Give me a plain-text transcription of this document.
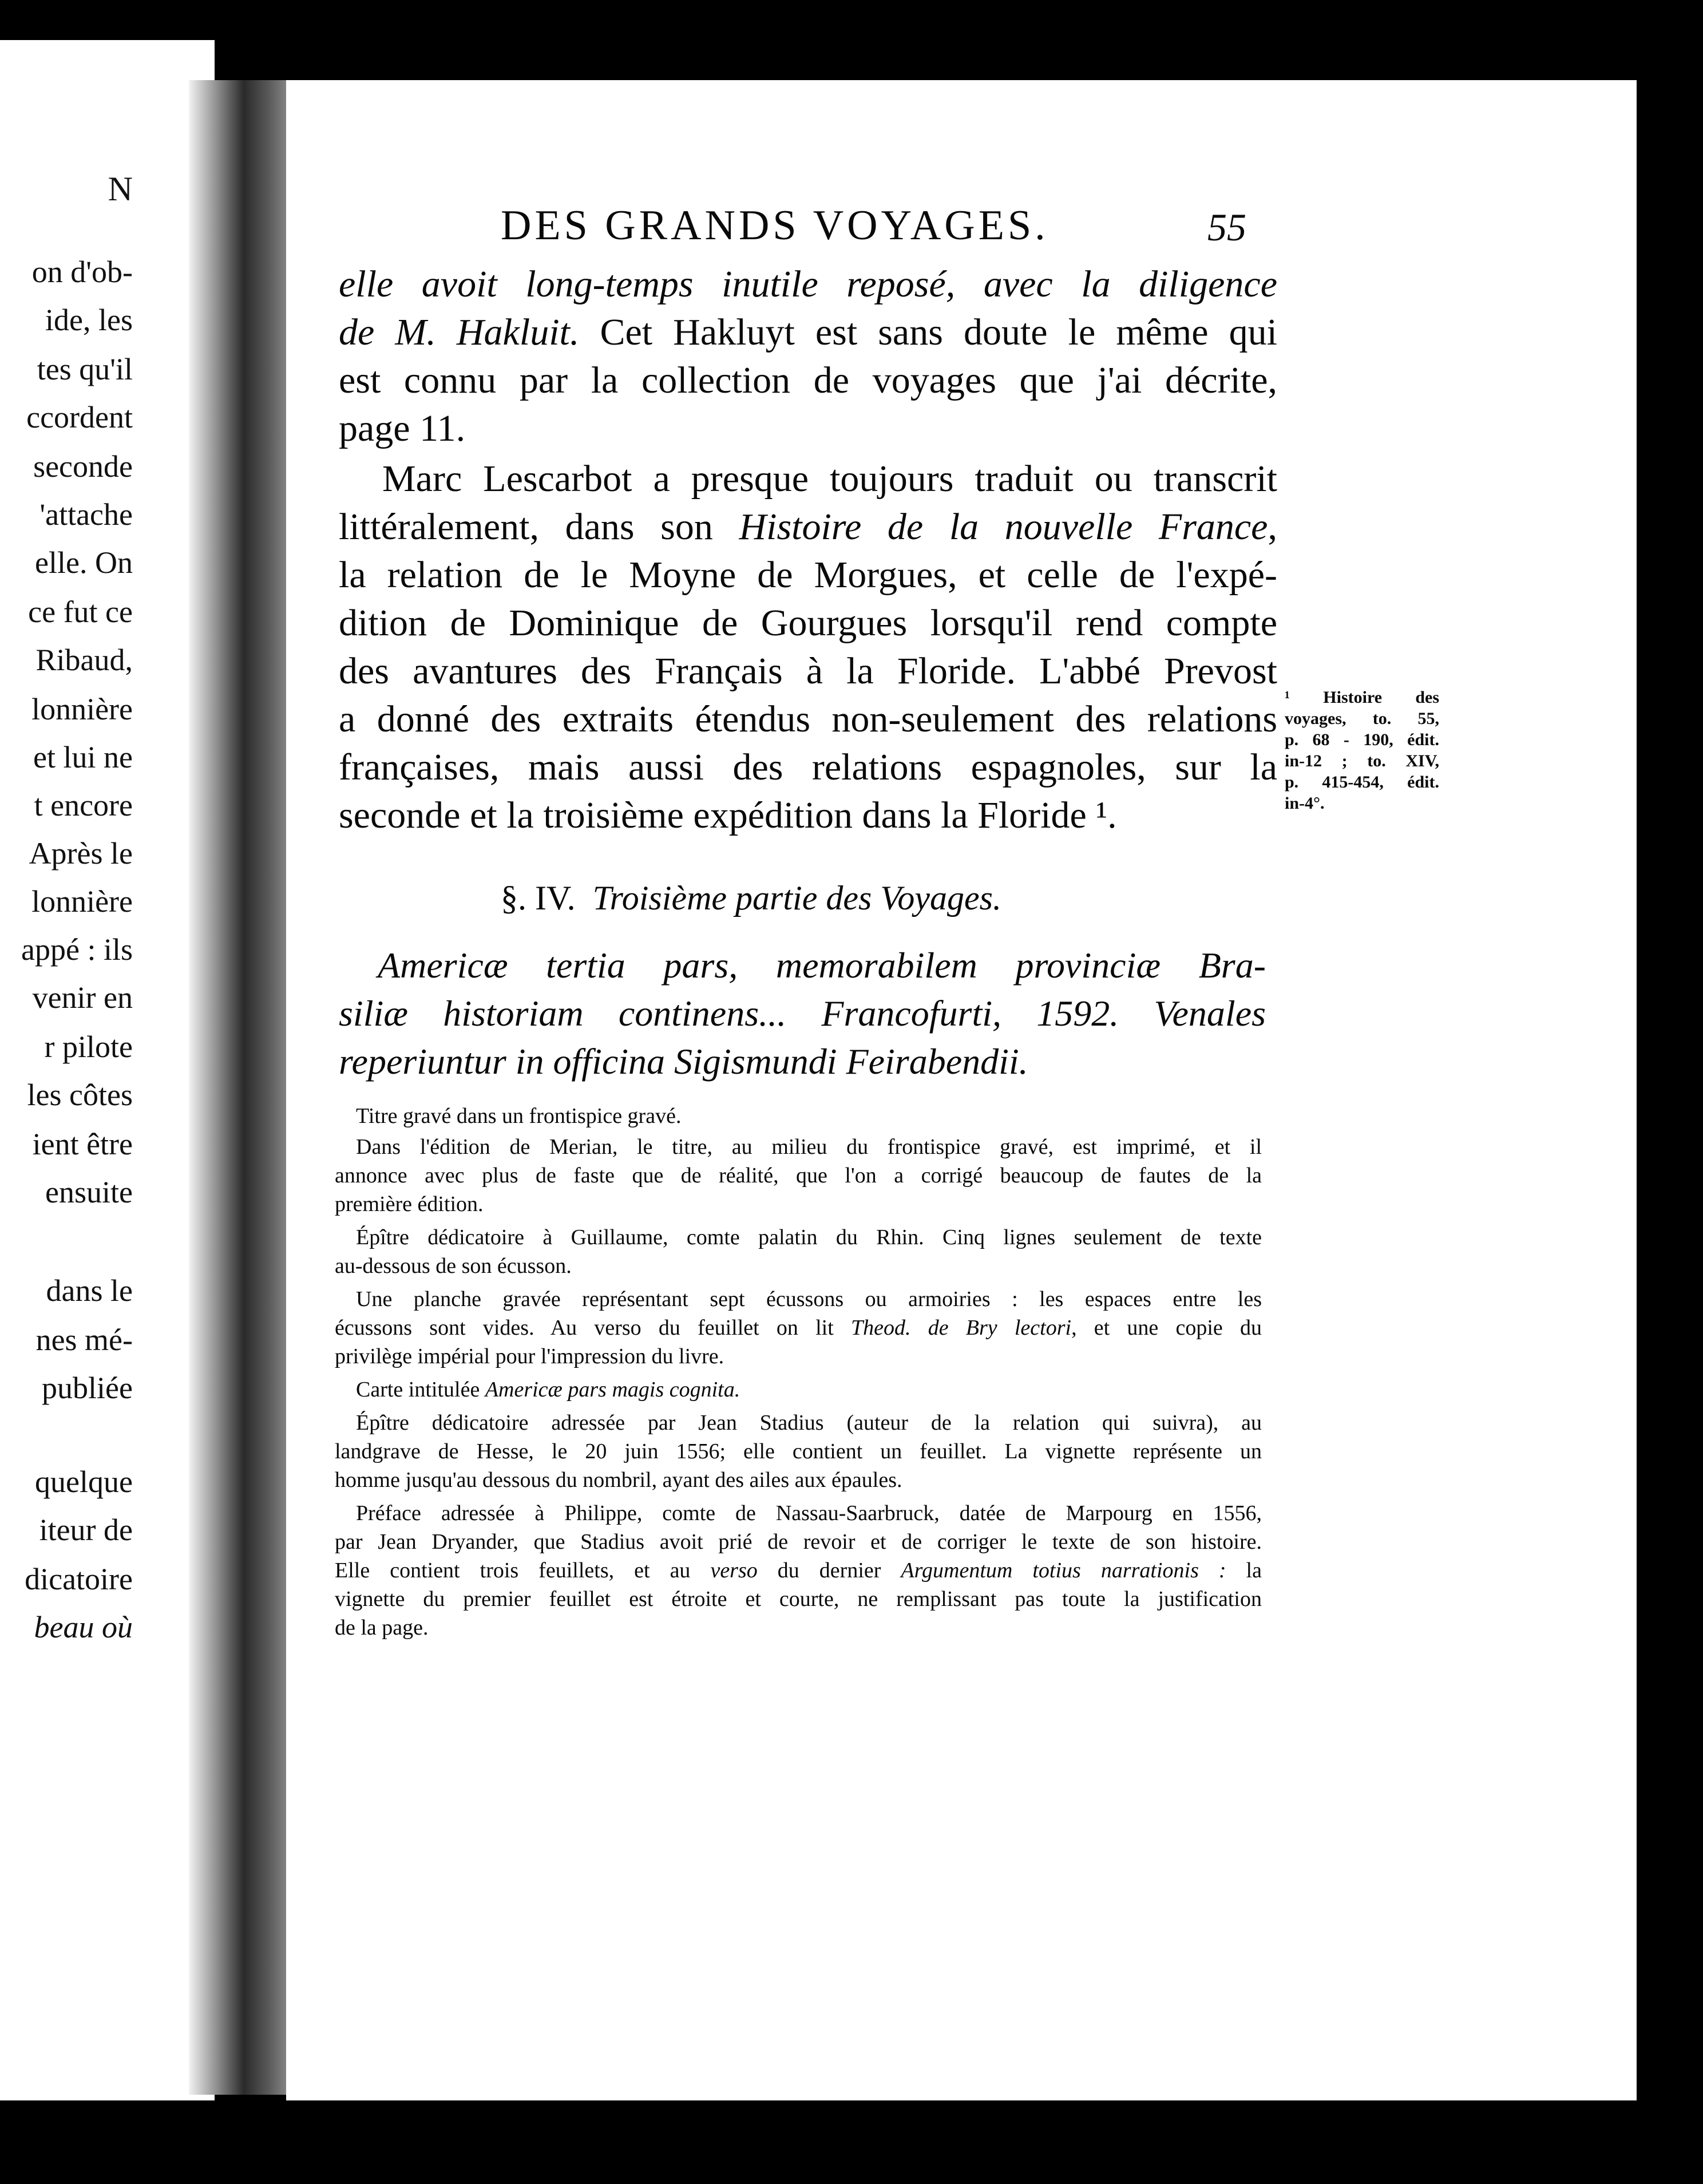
N
on d'ob-
ide, les
tes qu'il
ccordent
seconde
'attache
elle. On
ce fut ce
Ribaud,
lonnière
et lui ne
t encore
Après le
lonnière
appé : ils
venir en
r pilote
les côtes
ient être
ensuite
dans le
nes mé-
publiée
quelque
iteur de
dicatoire
beau où
DES GRANDS VOYAGES.	55
elle avoit long-temps inutile reposé, avec la diligence
de M. Hakluit. Cet Hakluyt est sans doute le même qui
est connu par la collection de voyages que j'ai décrite,
page 11.
Marc Lescarbot a presque toujours traduit ou transcrit
littéralement, dans son Histoire de la nouvelle France,
la relation de le Moyne de Morgues, et celle de l'expé-
dition de Dominique de Gourgues lorsqu'il rend compte
des avantures des Français à la Floride. L'abbé Prevost
a donné des extraits étendus non-seulement des relations
françaises, mais aussi des relations espagnoles, sur la
seconde et la troisième expédition dans la Floride ¹.
¹ Histoire des
voyages, to. 55,
p. 68 - 190, édit.
in-12 ; to. XIV,
p. 415-454, édit.
in-4°.
§. IV. Troisième partie des Voyages.
Americæ tertia pars, memorabilem provinciæ Bra-
siliæ historiam continens... Francofurti, 1592. Venales
reperiuntur in officina Sigismundi Feirabendii.
Titre gravé dans un frontispice gravé.
Dans l'édition de Merian, le titre, au milieu du frontispice gravé, est imprimé, et il
annonce avec plus de faste que de réalité, que l'on a corrigé beaucoup de fautes de la
première édition.
Épître dédicatoire à Guillaume, comte palatin du Rhin. Cinq lignes seulement de texte
au-dessous de son écusson.
Une planche gravée représentant sept écussons ou armoiries : les espaces entre les
écussons sont vides. Au verso du feuillet on lit Theod. de Bry lectori, et une copie du
privilège impérial pour l'impression du livre.
Carte intitulée Americæ pars magis cognita.
Épître dédicatoire adressée par Jean Stadius (auteur de la relation qui suivra), au
landgrave de Hesse, le 20 juin 1556; elle contient un feuillet. La vignette représente un
homme jusqu'au dessous du nombril, ayant des ailes aux épaules.
Préface adressée à Philippe, comte de Nassau-Saarbruck, datée de Marpourg en 1556,
par Jean Dryander, que Stadius avoit prié de revoir et de corriger le texte de son histoire.
Elle contient trois feuillets, et au verso du dernier Argumentum totius narrationis : la
vignette du premier feuillet est étroite et courte, ne remplissant pas toute la justification
de la page.
